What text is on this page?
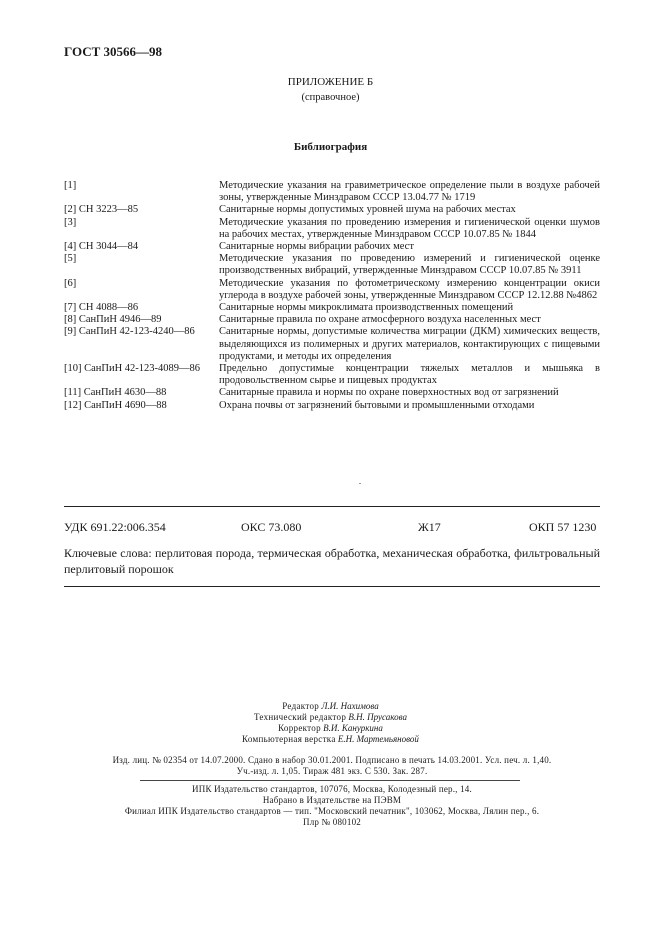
ГОСТ 30566—98
ПРИЛОЖЕНИЕ Б
(справочное)
Библиография
[1]	Методические указания на гравиметрическое определение пыли в воздухе рабочей зоны, утвержденные Минздравом СССР 13.04.77 № 1719
[2] СН 3223—85	Санитарные нормы допустимых уровней шума на рабочих местах
[3]	Методические указания по проведению измерения и гигиенической оценки шумов на рабочих местах, утвержденные Минздравом СССР 10.07.85 № 1844
[4] СН 3044—84	Санитарные нормы вибрации рабочих мест
[5]	Методические указания по проведению измерений и гигиенической оценке производственных вибраций, утвержденные Минздравом СССР 10.07.85 № 3911
[6]	Методические указания по фотометрическому измерению концентрации окиси углерода в воздухе рабочей зоны, утвержденные Минздравом СССР 12.12.88 №4862
[7] СН 4088—86	Санитарные нормы микроклимата производственных помещений
[8] СанПиН 4946—89	Санитарные правила по охране атмосферного воздуха населенных мест
[9] СанПиН 42-123-4240—86	Санитарные нормы, допустимые количества миграции (ДКМ) химических веществ, выделяющихся из полимерных и других материалов, контактирующих с пищевыми продуктами, и методы их определения
[10] СанПиН 42-123-4089—86	Предельно допустимые концентрации тяжелых металлов и мышьяка в продовольственном сырье и пищевых продуктах
[11] СанПиН 4630—88	Санитарные правила и нормы по охране поверхностных вод от загрязнений
[12] СанПиН 4690—88	Охрана почвы от загрязнений бытовыми и промышленными отходами
УДК 691.22:006.354	ОКС 73.080	Ж17	ОКП 57 1230
Ключевые слова: перлитовая порода, термическая обработка, механическая обработка, фильтровальный перлитовый порошок
Редактор Л.И. Нахимова
Технический редактор В.Н. Прусакова
Корректор В.И. Кануркина
Компьютерная верстка Е.Н. Мартемьяновой
Изд. лиц. № 02354 от 14.07.2000. Сдано в набор 30.01.2001. Подписано в печать 14.03.2001. Усл. печ. л. 1,40.
Уч.-изд. л. 1,05. Тираж 481 экз. С 530. Зак. 287.
ИПК Издательство стандартов, 107076, Москва, Колодезный пер., 14.
Набрано в Издательстве на ПЭВМ
Филиал ИПК Издательство стандартов — тип. "Московский печатник", 103062, Москва, Лялин пер., 6.
Плр № 080102
